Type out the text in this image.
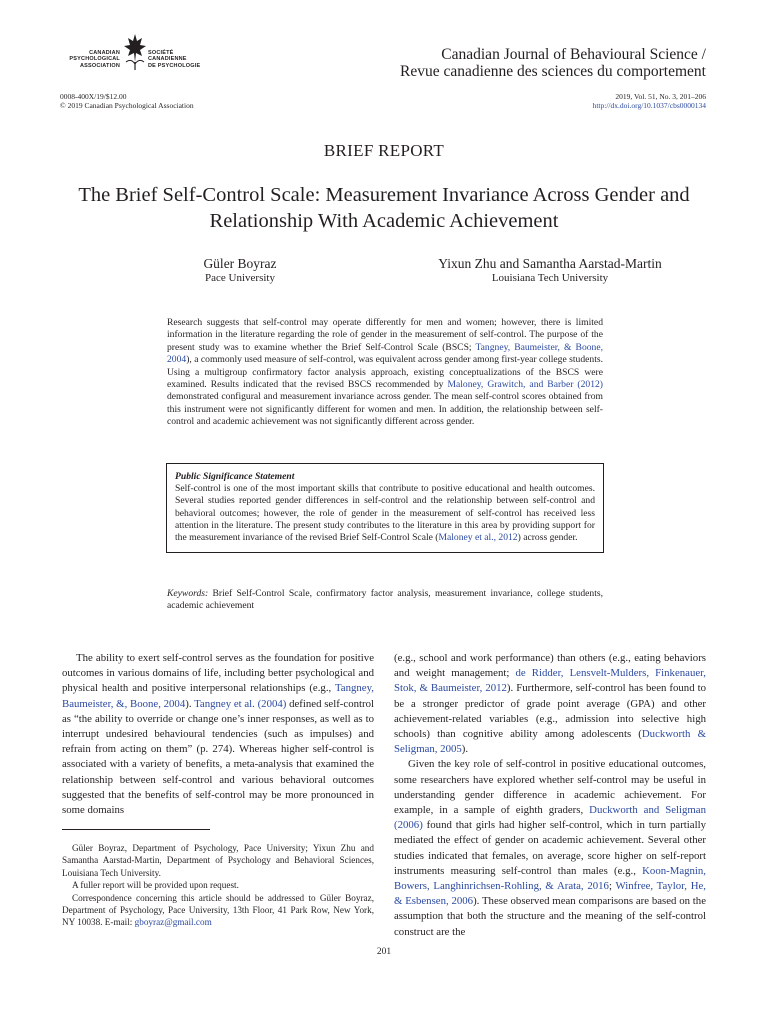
CANADIAN
PSYCHOLOGICAL
ASSOCIATION
SOCIÉTÉ
CANADIENNE
DE PSYCHOLOGIE
Canadian Journal of Behavioural Science /
Revue canadienne des sciences du comportement
0008-400X/19/$12.00
© 2019 Canadian Psychological Association
2019, Vol. 51, No. 3, 201–206
http://dx.doi.org/10.1037/cbs0000134
BRIEF REPORT
The Brief Self-Control Scale: Measurement Invariance Across Gender and
Relationship With Academic Achievement
Güler Boyraz
Pace University
Yixun Zhu and Samantha Aarstad-Martin
Louisiana Tech University
Research suggests that self-control may operate differently for men and women; however, there is limited information in the literature regarding the role of gender in the measurement of self-control. The purpose of the present study was to examine whether the Brief Self-Control Scale (BSCS; Tangney, Baumeister, & Boone, 2004), a commonly used measure of self-control, was equivalent across gender among first-year college students. Using a multigroup confirmatory factor analysis approach, existing conceptualizations of the BSCS were examined. Results indicated that the revised BSCS recommended by Maloney, Grawitch, and Barber (2012) demonstrated configural and measurement invariance across gender. The mean self-control scores obtained from this instrument were not significantly different for women and men. In addition, the relationship between self-control and academic achievement was not significantly different across gender.
Public Significance Statement
Self-control is one of the most important skills that contribute to positive educational and health outcomes. Several studies reported gender differences in self-control and the relationship between self-control and behavioral outcomes; however, the role of gender in the measurement of self-control has received less attention in the literature. The present study contributes to the literature in this area by providing support for the measurement invariance of the revised Brief Self-Control Scale (Maloney et al., 2012) across gender.
Keywords: Brief Self-Control Scale, confirmatory factor analysis, measurement invariance, college students, academic achievement

The ability to exert self-control serves as the foundation for positive outcomes in various domains of life, including better psychological and physical health and positive interpersonal relationships (e.g., Tangney, Baumeister, &, Boone, 2004). Tangney et al. (2004) defined self-control as “the ability to override or change one’s inner responses, as well as to interrupt undesired behavioural tendencies (such as impulses) and refrain from acting on them” (p. 274). Whereas higher self-control is associated with a variety of benefits, a meta-analysis that examined the relationship between self-control and various behavioral outcomes suggested that the benefits of self-control may be more pronounced in some domains

Güler Boyraz, Department of Psychology, Pace University; Yixun Zhu and Samantha Aarstad-Martin, Department of Psychology and Behavioral Sciences, Louisiana Tech University.

A fuller report will be provided upon request.

Correspondence concerning this article should be addressed to Güler Boyraz, Department of Psychology, Pace University, 13th Floor, 41 Park Row, New York, NY 10038. E-mail: gboyraz@gmail.com

(e.g., school and work performance) than others (e.g., eating behaviors and weight management; de Ridder, Lensvelt-Mulders, Finkenauer, Stok, & Baumeister, 2012). Furthermore, self-control has been found to be a stronger predictor of grade point average (GPA) and other achievement-related variables (e.g., admission into selective high schools) than cognitive ability among adolescents (Duckworth & Seligman, 2005).

Given the key role of self-control in positive educational outcomes, some researchers have explored whether self-control may be useful in understanding gender difference in academic achievement. For example, in a sample of eighth graders, Duckworth and Seligman (2006) found that girls had higher self-control, which in turn partially mediated the effect of gender on academic achievement. Several other studies indicated that females, on average, score higher on self-report instruments measuring self-control than males (e.g., Koon-Magnin, Bowers, Langhinrichsen-Rohling, & Arata, 2016; Winfree, Taylor, He, & Esbensen, 2006). These observed mean comparisons are based on the assumption that both the structure and the meaning of the self-control construct are the

201
